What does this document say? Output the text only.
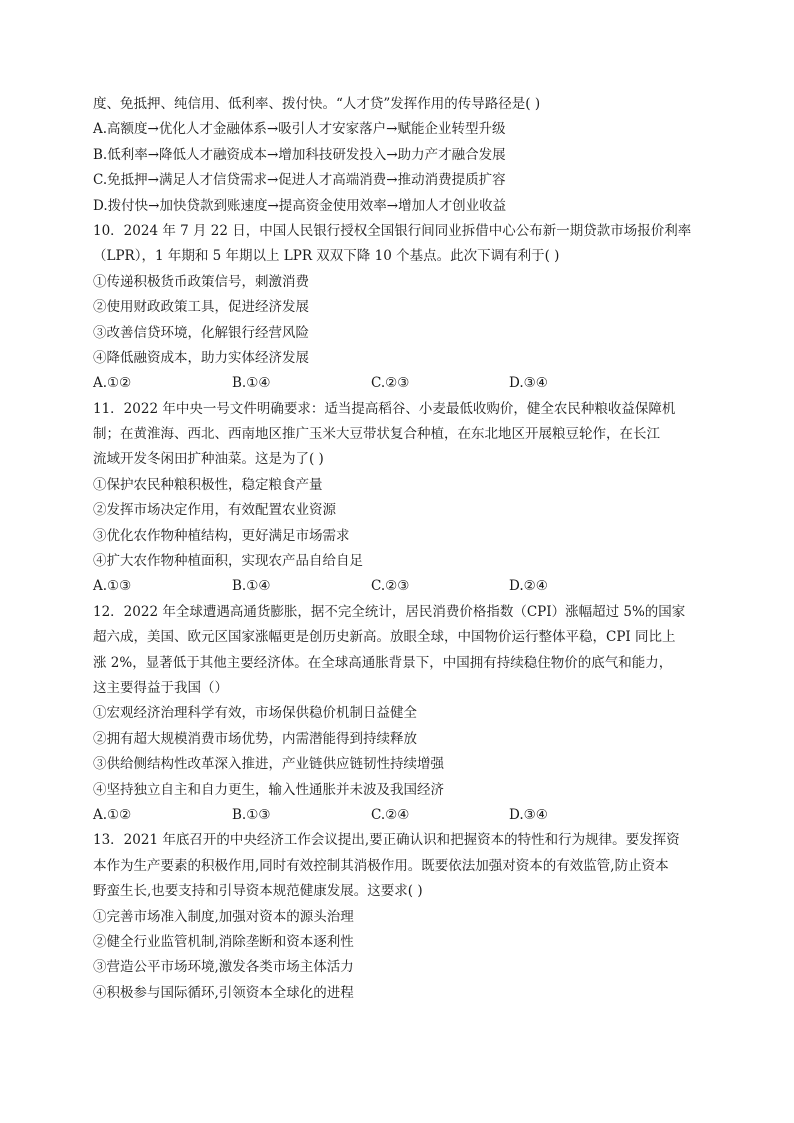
度、免抵押、纯信用、低利率、拨付快。“人才贷”发挥作用的传导路径是( )
A.高额度→优化人才金融体系→吸引人才安家落户→赋能企业转型升级
B.低利率→降低人才融资成本→增加科技研发投入→助力产才融合发展
C.免抵押→满足人才信贷需求→促进人才高端消费→推动消费提质扩容
D.拨付快→加快贷款到账速度→提高资金使用效率→增加人才创业收益
10．2024 年 7 月 22 日，中国人民银行授权全国银行间同业拆借中心公布新一期贷款市场报价利率
（LPR），1 年期和 5 年期以上 LPR 双双下降 10 个基点。此次下调有利于( )
①传递积极货币政策信号，刺激消费
②使用财政政策工具，促进经济发展
③改善信贷环境，化解银行经营风险
④降低融资成本，助力实体经济发展
A.①②	B.①④	C.②③	D.③④
11．2022 年中央一号文件明确要求：适当提高稻谷、小麦最低收购价，健全农民种粮收益保障机
制；在黄淮海、西北、西南地区推广玉米大豆带状复合种植，在东北地区开展粮豆轮作，在长江
流域开发冬闲田扩种油菜。这是为了( )
①保护农民种粮积极性，稳定粮食产量
②发挥市场决定作用，有效配置农业资源
③优化农作物种植结构，更好满足市场需求
④扩大农作物种植面积，实现农产品自给自足
A.①③	B.①④	C.②③	D.②④
12．2022 年全球遭遇高通货膨胀，据不完全统计，居民消费价格指数（CPI）涨幅超过 5%的国家
超六成，美国、欧元区国家涨幅更是创历史新高。放眼全球，中国物价运行整体平稳，CPI 同比上
涨 2%，显著低于其他主要经济体。在全球高通胀背景下，中国拥有持续稳住物价的底气和能力，
这主要得益于我国（）
①宏观经济治理科学有效，市场保供稳价机制日益健全
②拥有超大规模消费市场优势，内需潜能得到持续释放
③供给侧结构性改革深入推进，产业链供应链韧性持续增强
④坚持独立自主和自力更生，输入性通胀并未波及我国经济
A.①②	B.①③	C.②④	D.③④
13．2021 年底召开的中央经济工作会议提出,要正确认识和把握资本的特性和行为规律。要发挥资
本作为生产要素的积极作用,同时有效控制其消极作用。既要依法加强对资本的有效监管,防止资本
野蛮生长,也要支持和引导资本规范健康发展。这要求( )
①完善市场准入制度,加强对资本的源头治理
②健全行业监管机制,消除垄断和资本逐利性
③营造公平市场环境,激发各类市场主体活力
④积极参与国际循环,引领资本全球化的进程
